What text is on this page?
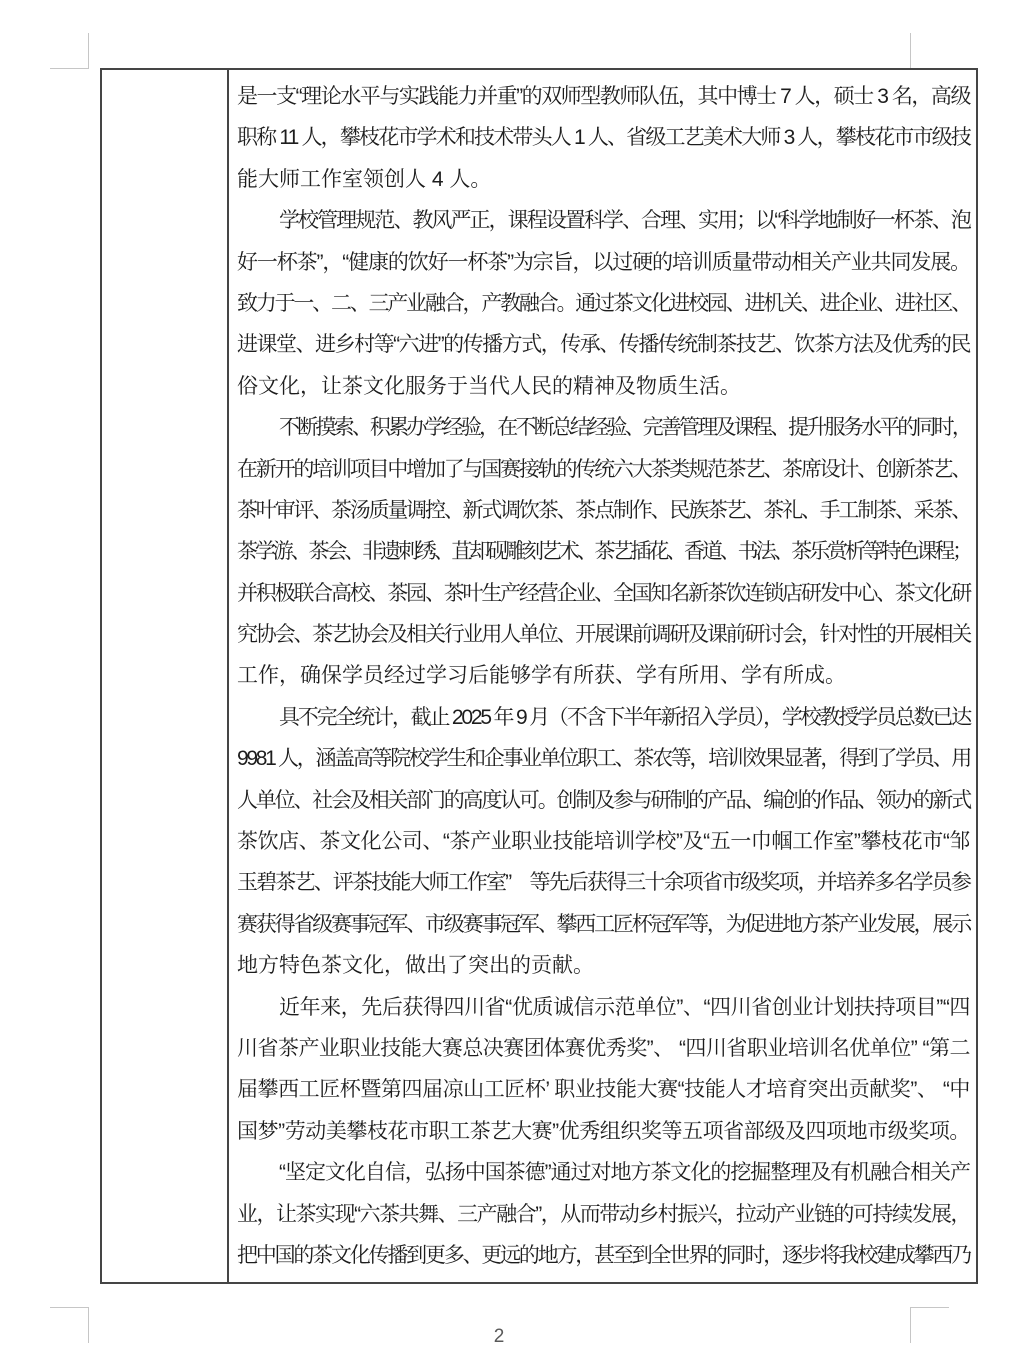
是一支“理论水平与实践能力并重”的双师型教师队伍，其中博士 7 人，硕士 3 名，高级
职称 11 人，攀枝花市学术和技术带头人 1 人、省级工艺美术大师 3 人，攀枝花市市级技
能大师工作室领创人 4 人。
学校管理规范、教风严正，课程设置科学、合理、实用；以“科学地制好一杯茶、泡
好一杯茶”，“健康的饮好一杯茶”为宗旨，以过硬的培训质量带动相关产业共同发展。
致力于一、二、三产业融合，产教融合。通过茶文化进校园、进机关、进企业、进社区、
进课堂、进乡村等“六进”的传播方式，传承、传播传统制茶技艺、饮茶方法及优秀的民
俗文化，让茶文化服务于当代人民的精神及物质生活。
不断摸索、积累办学经验，在不断总结经验、完善管理及课程、提升服务水平的同时，
在新开的培训项目中增加了与国赛接轨的传统六大茶类规范茶艺、茶席设计、创新茶艺、
茶叶审评、茶汤质量调控、新式调饮茶、茶点制作、民族茶艺、茶礼、手工制茶、采茶、
茶学游、茶会、非遗刺绣、苴却砚雕刻艺术、茶艺插花、香道、书法、茶乐赏析等特色课程；
并积极联合高校、茶园、茶叶生产经营企业、全国知名新茶饮连锁店研发中心、茶文化研
究协会、茶艺协会及相关行业用人单位、开展课前调研及课前研讨会，针对性的开展相关
工作，确保学员经过学习后能够学有所获、学有所用、学有所成。
具不完全统计，截止 2025 年 9 月（不含下半年新招入学员），学校教授学员总数已达
9981 人，涵盖高等院校学生和企事业单位职工、茶农等，培训效果显著，得到了学员、用
人单位、社会及相关部门的高度认可。创制及参与研制的产品、编创的作品、领办的新式
茶饮店、茶文化公司、“茶产业职业技能培训学校”及“五一巾帼工作室”攀枝花市“邹
玉碧茶艺、评茶技能大师工作室”　等先后获得三十余项省市级奖项，并培养多名学员参
赛获得省级赛事冠军、市级赛事冠军、攀西工匠杯冠军等，为促进地方茶产业发展，展示
地方特色茶文化，做出了突出的贡献。
近年来，先后获得四川省“优质诚信示范单位”、“四川省创业计划扶持项目”“四
川省茶产业职业技能大赛总决赛团体赛优秀奖”、 “四川省职业培训名优单位” “第二
届攀西工匠杯暨第四届凉山工匠杯’ 职业技能大赛“技能人才培育突出贡献奖”、 “中
国梦”劳动美攀枝花市职工茶艺大赛”优秀组织奖等五项省部级及四项地市级奖项。
“坚定文化自信，弘扬中国茶德”通过对地方茶文化的挖掘整理及有机融合相关产
业，让茶实现“六茶共舞、三产融合”，从而带动乡村振兴，拉动产业链的可持续发展，
把中国的茶文化传播到更多、更远的地方，甚至到全世界的同时，逐步将我校建成攀西乃
2
